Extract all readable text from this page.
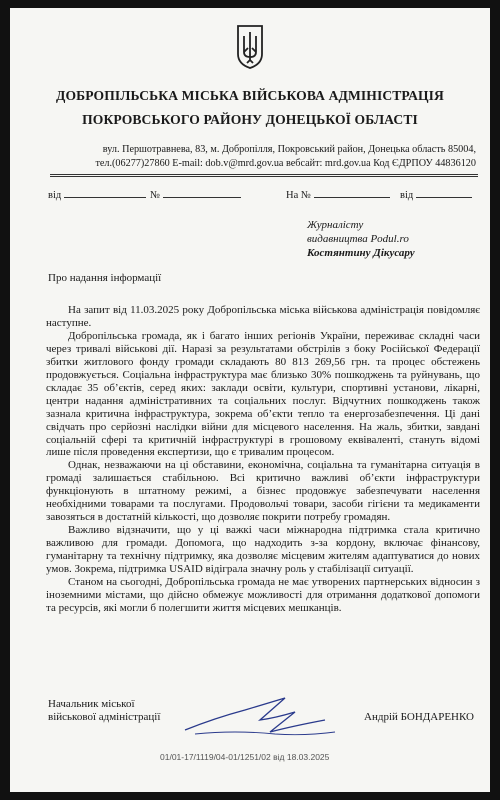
ДОБРОПІЛЬСЬКА МІСЬКА ВІЙСЬКОВА АДМІНІСТРАЦІЯ
ПОКРОВСЬКОГО РАЙОНУ ДОНЕЦЬКОЇ ОБЛАСТІ
вул. Першотравнева, 83, м. Добропілля, Покровський район, Донецька область 85004,
тел.(06277)27860 E-mail: dob.v@mrd.gov.ua вебсайт: mrd.gov.ua Код ЄДРПОУ 44836120
від	№	На №	від
Журналісту
видавництва Podul.ro
Костянтину Дікусару
Про надання інформації

На запит від 11.03.2025 року Добропільська міська військова адміністрація повідомляє наступне.

Добропільська громада, як і багато інших регіонів України, переживає складні часи через тривалі військові дії. Наразі за результатами обстрілів з боку Російської Федерації збитки житлового фонду громади складають 80 813 269,56 грн. та процес обстежень продовжується. Соціальна інфраструктура має близько 30% пошкоджень та руйнувань, що складає 35 об’єктів, серед яких: заклади освіти, культури, спортивні установи, лікарні, центри надання адміністративних та соціальних послуг. Відчутних пошкоджень також зазнала критична інфраструктура, зокрема об’єкти тепло та енергозабезпечення. Ці дані свідчать про серйозні наслідки війни для місцевого населення. На жаль, збитки, завдані соціальній сфері та критичній інфраструктурі в грошовому еквіваленті, стануть відомі лише після проведення експертизи, що є тривалим процесом.

Однак, незважаючи на ці обставини, економічна, соціальна та гуманітарна ситуація в громаді залишається стабільною. Всі критично важливі об’єкти інфраструктури функціонують в штатному режимі, а бізнес продовжує забезпечувати населення необхідними товарами та послугами. Продовольчі товари, засоби гігієни та медикаменти завозяться в достатній кількості, що дозволяє покрити потребу громадян.

Важливо відзначити, що у ці важкі часи міжнародна підтримка стала критично важливою для громади. Допомога, що надходить з-за кордону, включає фінансову, гуманітарну та технічну підтримку, яка дозволяє місцевим жителям адаптуватися до нових умов. Зокрема, підтримка USAID відіграла значну роль у стабілізації ситуації.

Станом на сьогодні, Добропільська громада не має утворених партнерських відносин з іноземними містами, що дійсно обмежує можливості для отримання додаткової допомоги та ресурсів, які могли б полегшити життя місцевих мешканців.

Начальник міської
військової адміністрації	Андрій БОНДАРЕНКО
01/01-17/1119/04-01/1251/02 від 18.03.2025
